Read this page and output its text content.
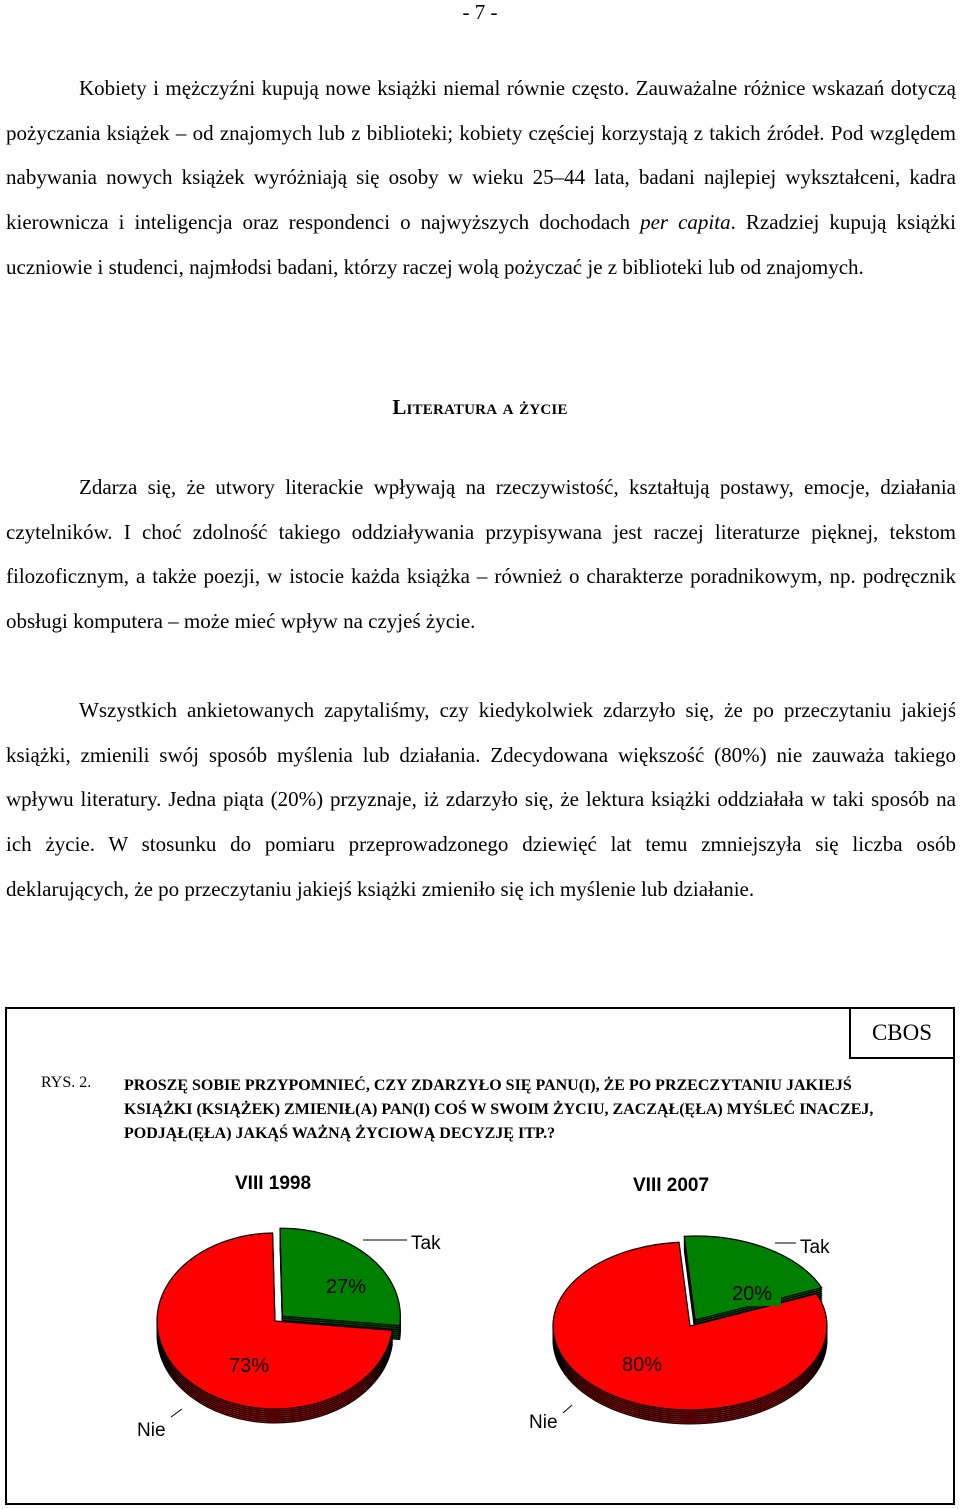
- 7 -

Kobiety i mężczyźni kupują nowe książki niemal równie często. Zauważalne różnice wskazań dotyczą pożyczania książek – od znajomych lub z biblioteki; kobiety częściej korzystają z takich źródeł. Pod względem nabywania nowych książek wyróżniają się osoby w wieku 25–44 lata, badani najlepiej wykształceni, kadra kierownicza i inteligencja oraz respondenci o najwyższych dochodach per capita. Rzadziej kupują książki uczniowie i studenci, najmłodsi badani, którzy raczej wolą pożyczać je z biblioteki lub od znajomych.

Literatura a życie

Zdarza się, że utwory literackie wpływają na rzeczywistość, kształtują postawy, emocje, działania czytelników. I choć zdolność takiego oddziaływania przypisywana jest raczej literaturze pięknej, tekstom filozoficznym, a także poezji, w istocie każda książka – również o charakterze poradnikowym, np. podręcznik obsługi komputera – może mieć wpływ na czyjeś życie.

Wszystkich ankietowanych zapytaliśmy, czy kiedykolwiek zdarzyło się, że po przeczytaniu jakiejś książki, zmienili swój sposób myślenia lub działania. Zdecydowana większość (80%) nie zauważa takiego wpływu literatury. Jedna piąta (20%) przyznaje, iż zdarzyło się, że lektura książki oddziałała w taki sposób na ich życie. W stosunku do pomiaru przeprowadzonego dziewięć lat temu zmniejszyła się liczba osób deklarujących, że po przeczytaniu jakiejś książki zmieniło się ich myślenie lub działanie.

VIII 1998
Tak
Nie
27%
73%
VIII 2007
Tak
Nie
20%
80%
CBOS
RYS. 2. PROSZĘ SOBIE PRZYPOMNIEĆ, CZY ZDARZYŁO SIĘ PANU(I), ŻE PO PRZECZYTANIU JAKIEJŚ KSIĄŻKI (KSIĄŻEK) ZMIENIŁ(A) PAN(I) COŚ W SWOIM ŻYCIU, ZACZĄŁ(ĘŁA) MYŚLEĆ INACZEJ, PODJĄŁ(ĘŁA) JAKĄŚ WAŻNĄ ŻYCIOWĄ DECYZJĘ ITP.?
